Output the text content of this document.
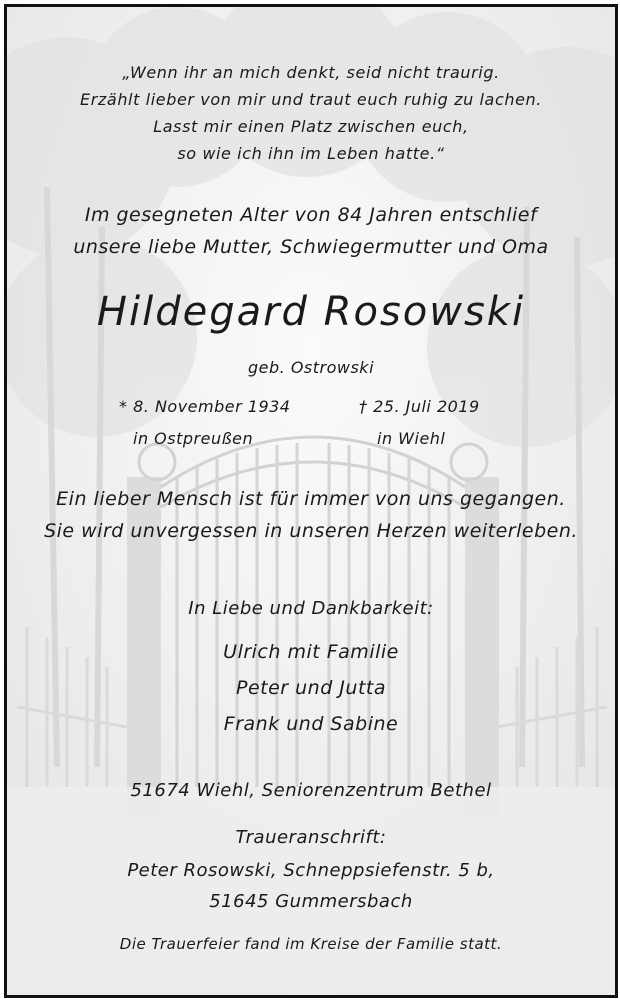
„Wenn ihr an mich denkt, seid nicht traurig.
Erzählt lieber von mir und traut euch ruhig zu lachen.
Lasst mir einen Platz zwischen euch,
so wie ich ihn im Leben hatte.“
Im gesegneten Alter von 84 Jahren entschlief
unsere liebe Mutter, Schwiegermutter und Oma
Hildegard Rosowski
geb. Ostrowski
* 8. November 1934
in Ostpreußen
† 25. Juli 2019
in Wiehl
Ein lieber Mensch ist für immer von uns gegangen.
Sie wird unvergessen in unseren Herzen weiterleben.
In Liebe und Dankbarkeit:
Ulrich mit Familie
Peter und Jutta
Frank und Sabine
51674 Wiehl, Seniorenzentrum Bethel
Traueranschrift:
Peter Rosowski, Schneppsiefenstr. 5 b,
51645 Gummersbach
Die Trauerfeier fand im Kreise der Familie statt.
